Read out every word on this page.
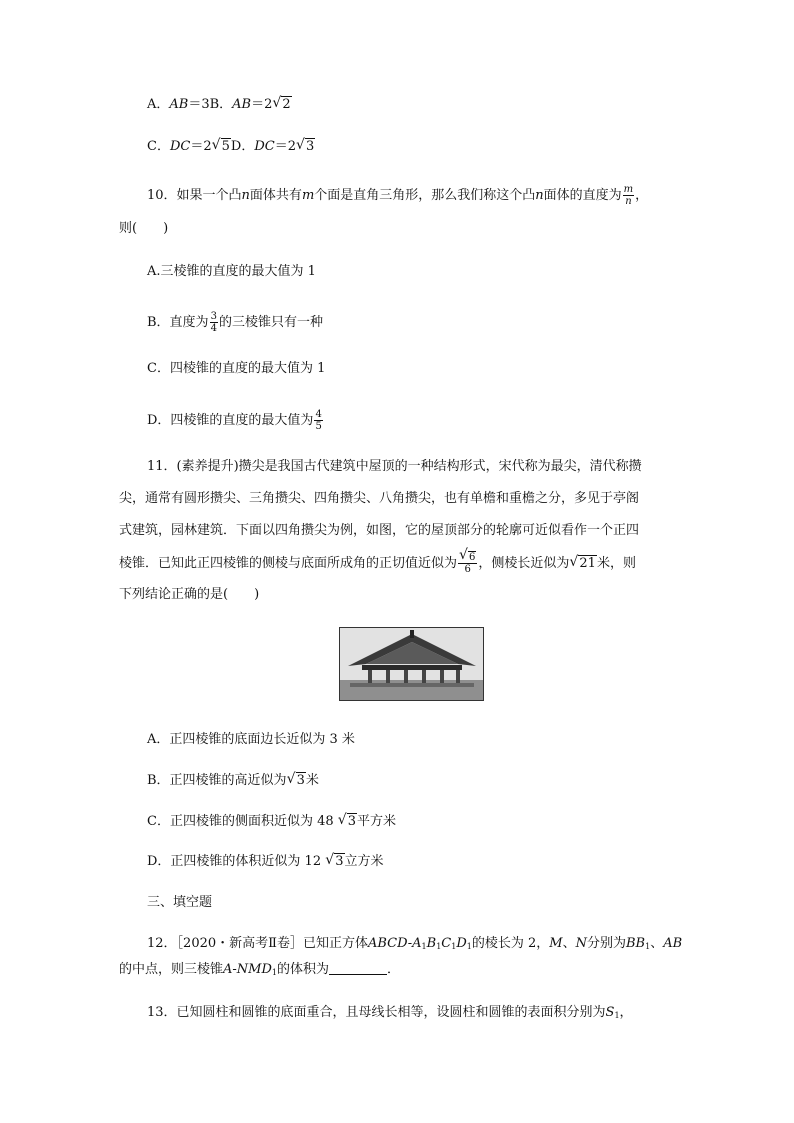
A．AB＝3B．AB＝2 √ 2
C．DC＝2 √ 5D．DC＝2 √ 3
10．如果一个凸n面体共有m个面是直角三角形，那么我们称这个凸n面体的直度为 $\frac{m}{n}$ ，
则(　　)
A.三棱锥的直度的最大值为 1
B．直度为 $\frac{3}{4}$ 的三棱锥只有一种
C．四棱锥的直度的最大值为 1
D．四棱锥的直度的最大值为 $\frac{4}{5}$
11．(素养提升)攒尖是我国古代建筑中屋顶的一种结构形式，宋代称为最尖，清代称攒
尖，通常有圆形攒尖、三角攒尖、四角攒尖、八角攒尖，也有单檐和重檐之分，多见于亭阁
式建筑，园林建筑．下面以四角攒尖为例，如图，它的屋顶部分的轮廓可近似看作一个正四
棱锥．已知此正四棱锥的侧棱与底面所成角的正切值近似为 √ $\frac{6}{6}$ ，侧棱长近似为 √ 21米，则
下列结论正确的是(　　)
A．正四棱锥的底面边长近似为 3 米
B．正四棱锥的高近似为 √ 3米
C．正四棱锥的侧面积近似为 48 √ 3平方米
D．正四棱锥的体积近似为 12 √ 3立方米
三、填空题
12．［2020・新高考Ⅱ卷］已知正方体ABCD-$A_1B_1C_1D_1$的棱长为 2，M、N分别为$BB_1$、AB
的中点，则三棱锥$A-NMD_1$的体积为	．
13．已知圆柱和圆锥的底面重合，且母线长相等，设圆柱和圆锥的表面积分别为$S_1$，
